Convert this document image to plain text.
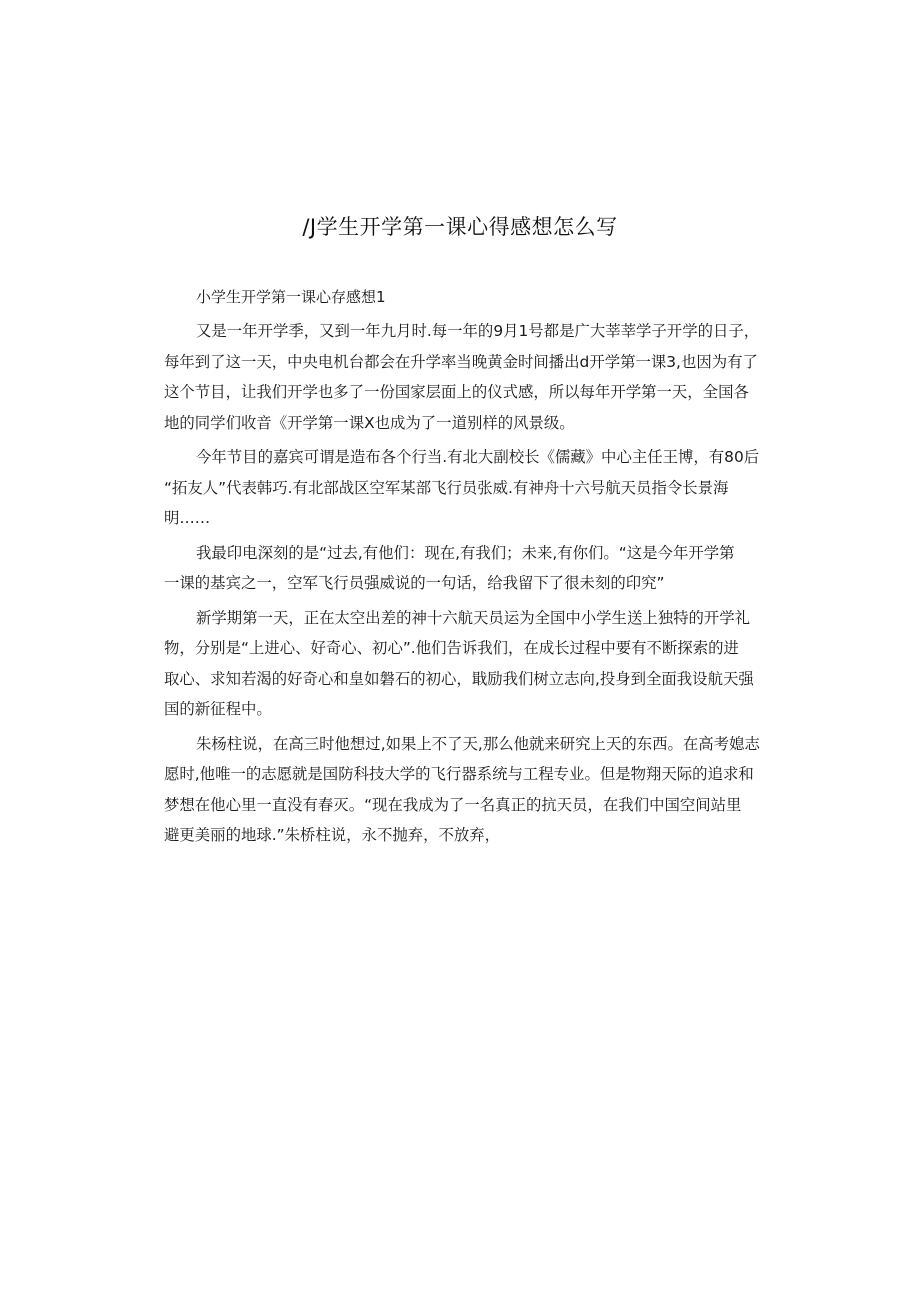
/J学生开学第一课心得感想怎么写
小学生开学第一课心存感想1
又是一年开学季，又到一年九月时.每一年的9月1号都是广大莘莘学子开学的日子，
每年到了这一天，中央电机台都会在升学率当晚黄金时间播出d开学第一课3,也因为有了
这个节目，让我们开学也多了一份国家层面上的仪式感，所以每年开学第一天，全国各
地的同学们收音《开学第一课X也成为了一道别样的风景级。
今年节目的嘉宾可谓是造布各个行当.有北大副校长《儒藏》中心主任王博，有80后
“拓友人”代表韩巧.有北部战区空军某部飞行员张威.有神舟十六号航天员指令长景海
明……
我最印电深刻的是“过去,有他们：现在,有我们；未来,有你们。“这是今年开学第
一课的基宾之一，空军飞行员强威说的一句话，给我留下了很未刻的印究”
新学期第一天，正在太空出差的神十六航天员运为全国中小学生送上独特的开学礼
物，分别是“上进心、好奇心、初心”.他们告诉我们，在成长过程中要有不断探索的进
取心、求知若渴的好奇心和皇如磐石的初心，戢励我们树立志向,投身到全面我设航天强
国的新征程中。
朱杨柱说，在高三时他想过,如果上不了天,那么他就来研究上天的东西。在高考媳志
愿时,他唯一的志愿就是国防科技大学的飞行器系统与工程专业。但是物翔天际的追求和
梦想在他心里一直没有春灭。“现在我成为了一名真正的抗天员，在我们中国空间站里
避更美丽的地球.”朱桥柱说，永不抛弃，不放弃，
